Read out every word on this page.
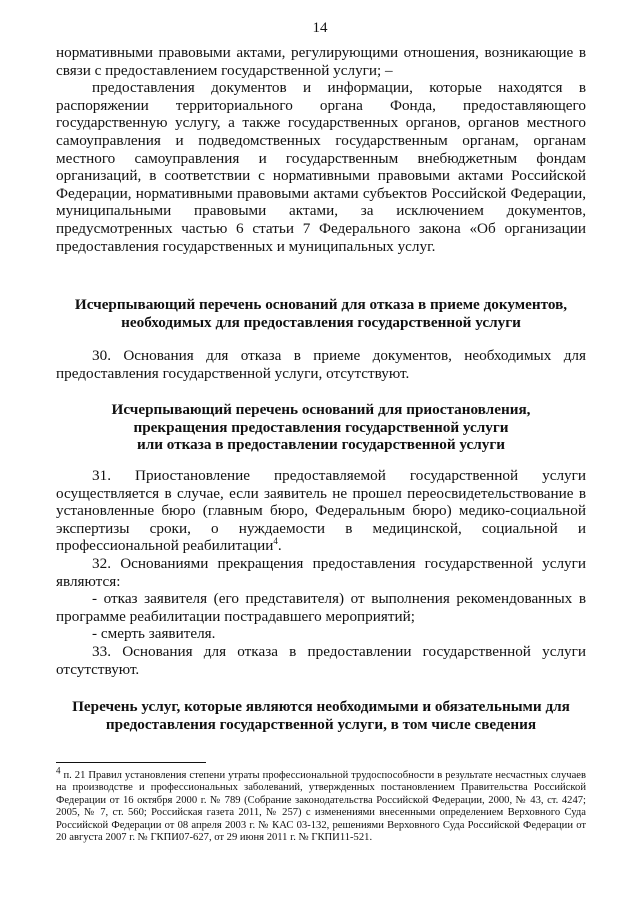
14

нормативными правовыми актами, регулирующими отношения, возникающие в связи с предоставлением государственной услуги; –

предоставления документов и информации, которые находятся в распоряжении территориального органа Фонда, предоставляющего государственную услугу, а также государственных органов, органов местного самоуправления и подведомственных государственным органам, органам местного самоуправления и государственным внебюджетным фондам организаций, в соответствии с нормативными правовыми актами Российской Федерации, нормативными правовыми актами субъектов Российской Федерации, муниципальными правовыми актами, за исключением документов, предусмотренных частью 6 статьи 7 Федерального закона «Об организации предоставления государственных и муниципальных услуг.

Исчерпывающий перечень оснований для отказа в приеме документов,
необходимых для предоставления государственной услуги

30. Основания для отказа в приеме документов, необходимых для предоставления государственной услуги, отсутствуют.

Исчерпывающий перечень оснований для приостановления,
прекращения предоставления государственной услуги
или отказа в предоставлении государственной услуги

31. Приостановление предоставляемой государственной услуги осуществляется в случае, если заявитель не прошел переосвидетельствование в установленные бюро (главным бюро, Федеральным бюро) медико-социальной экспертизы сроки, о нуждаемости в медицинской, социальной и профессиональной реабилитации$^4$.

32. Основаниями прекращения предоставления государственной услуги являются:

- отказ заявителя (его представителя) от выполнения рекомендованных в программе реабилитации пострадавшего мероприятий;

- смерть заявителя.

33. Основания для отказа в предоставлении государственной услуги отсутствуют.

Перечень услуг, которые являются необходимыми и обязательными для
предоставления государственной услуги, в том числе сведения
$^4$ п. 21 Правил установления степени утраты профессиональной трудоспособности в результате несчастных случаев на производстве и профессиональных заболеваний, утвержденных постановлением Правительства Российской Федерации от 16 октября 2000 г. № 789 (Собрание законодательства Российской Федерации, 2000, № 43, ст. 4247; 2005, № 7, ст. 560; Российская газета 2011, № 257) с изменениями внесенными определением Верховного Суда Российской Федерации от 08 апреля 2003 г. № КАС 03-132, решениями Верховного Суда Российской Федерации от 20 августа 2007 г. № ГКПИ07-627, от 29 июня 2011 г. № ГКПИ11-521.
